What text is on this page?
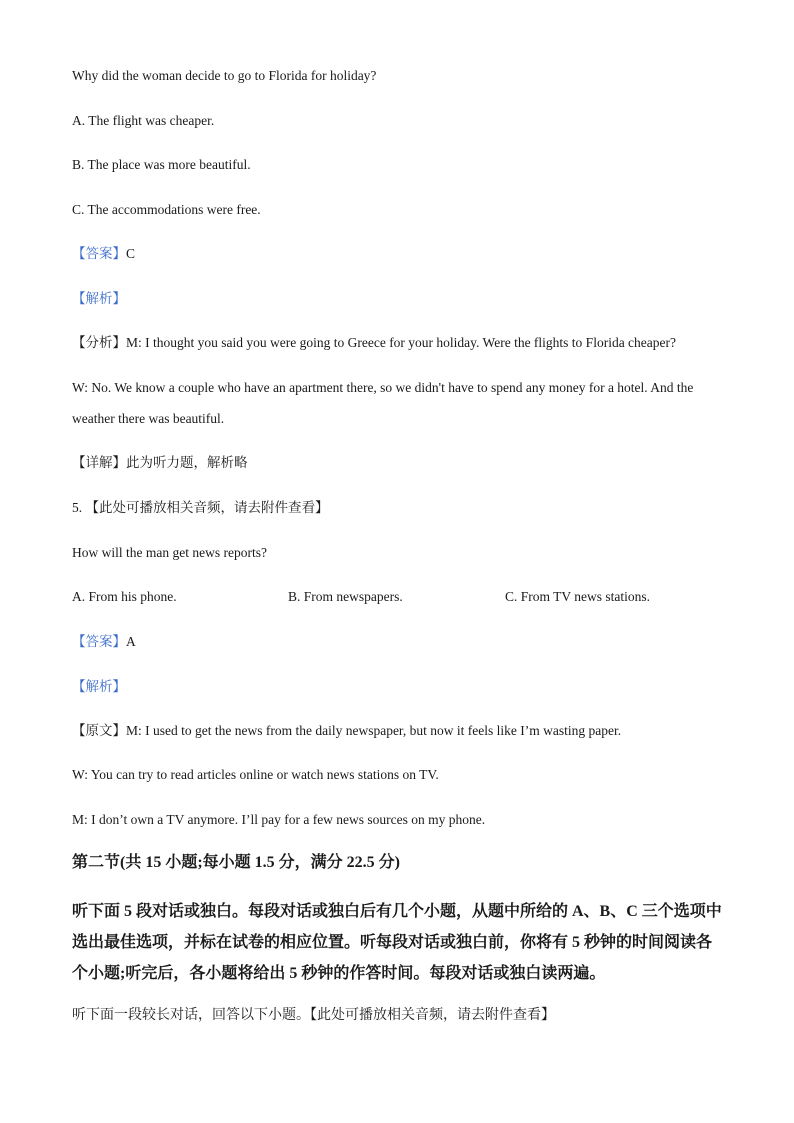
Why did the woman decide to go to Florida for holiday?
A. The flight was cheaper.
B. The place was more beautiful.
C. The accommodations were free.
【答案】C
【解析】
【分析】M: I thought you said you were going to Greece for your holiday. Were the flights to Florida cheaper?
W: No. We know a couple who have an apartment there, so we didn't have to spend any money for a hotel. And the
weather there was beautiful.
【详解】此为听力题，解析略
5. 【此处可播放相关音频，请去附件查看】
How will the man get news reports?
A. From his phone.	B. From newspapers.	C. From TV news stations.
【答案】A
【解析】
【原文】M: I used to get the news from the daily newspaper, but now it feels like I’m wasting paper.
W: You can try to read articles online or watch news stations on TV.
M: I don’t own a TV anymore. I’ll pay for a few news sources on my phone.
第二节(共 15 小题;每小题 1.5 分，满分 22.5 分)
听下面 5 段对话或独白。每段对话或独白后有几个小题，从题中所给的 A、B、C 三个选项中
选出最佳选项，并标在试卷的相应位置。听每段对话或独白前，你将有 5 秒钟的时间阅读各
个小题;听完后，各小题将给出 5 秒钟的作答时间。每段对话或独白读两遍。
听下面一段较长对话，回答以下小题。【此处可播放相关音频，请去附件查看】
